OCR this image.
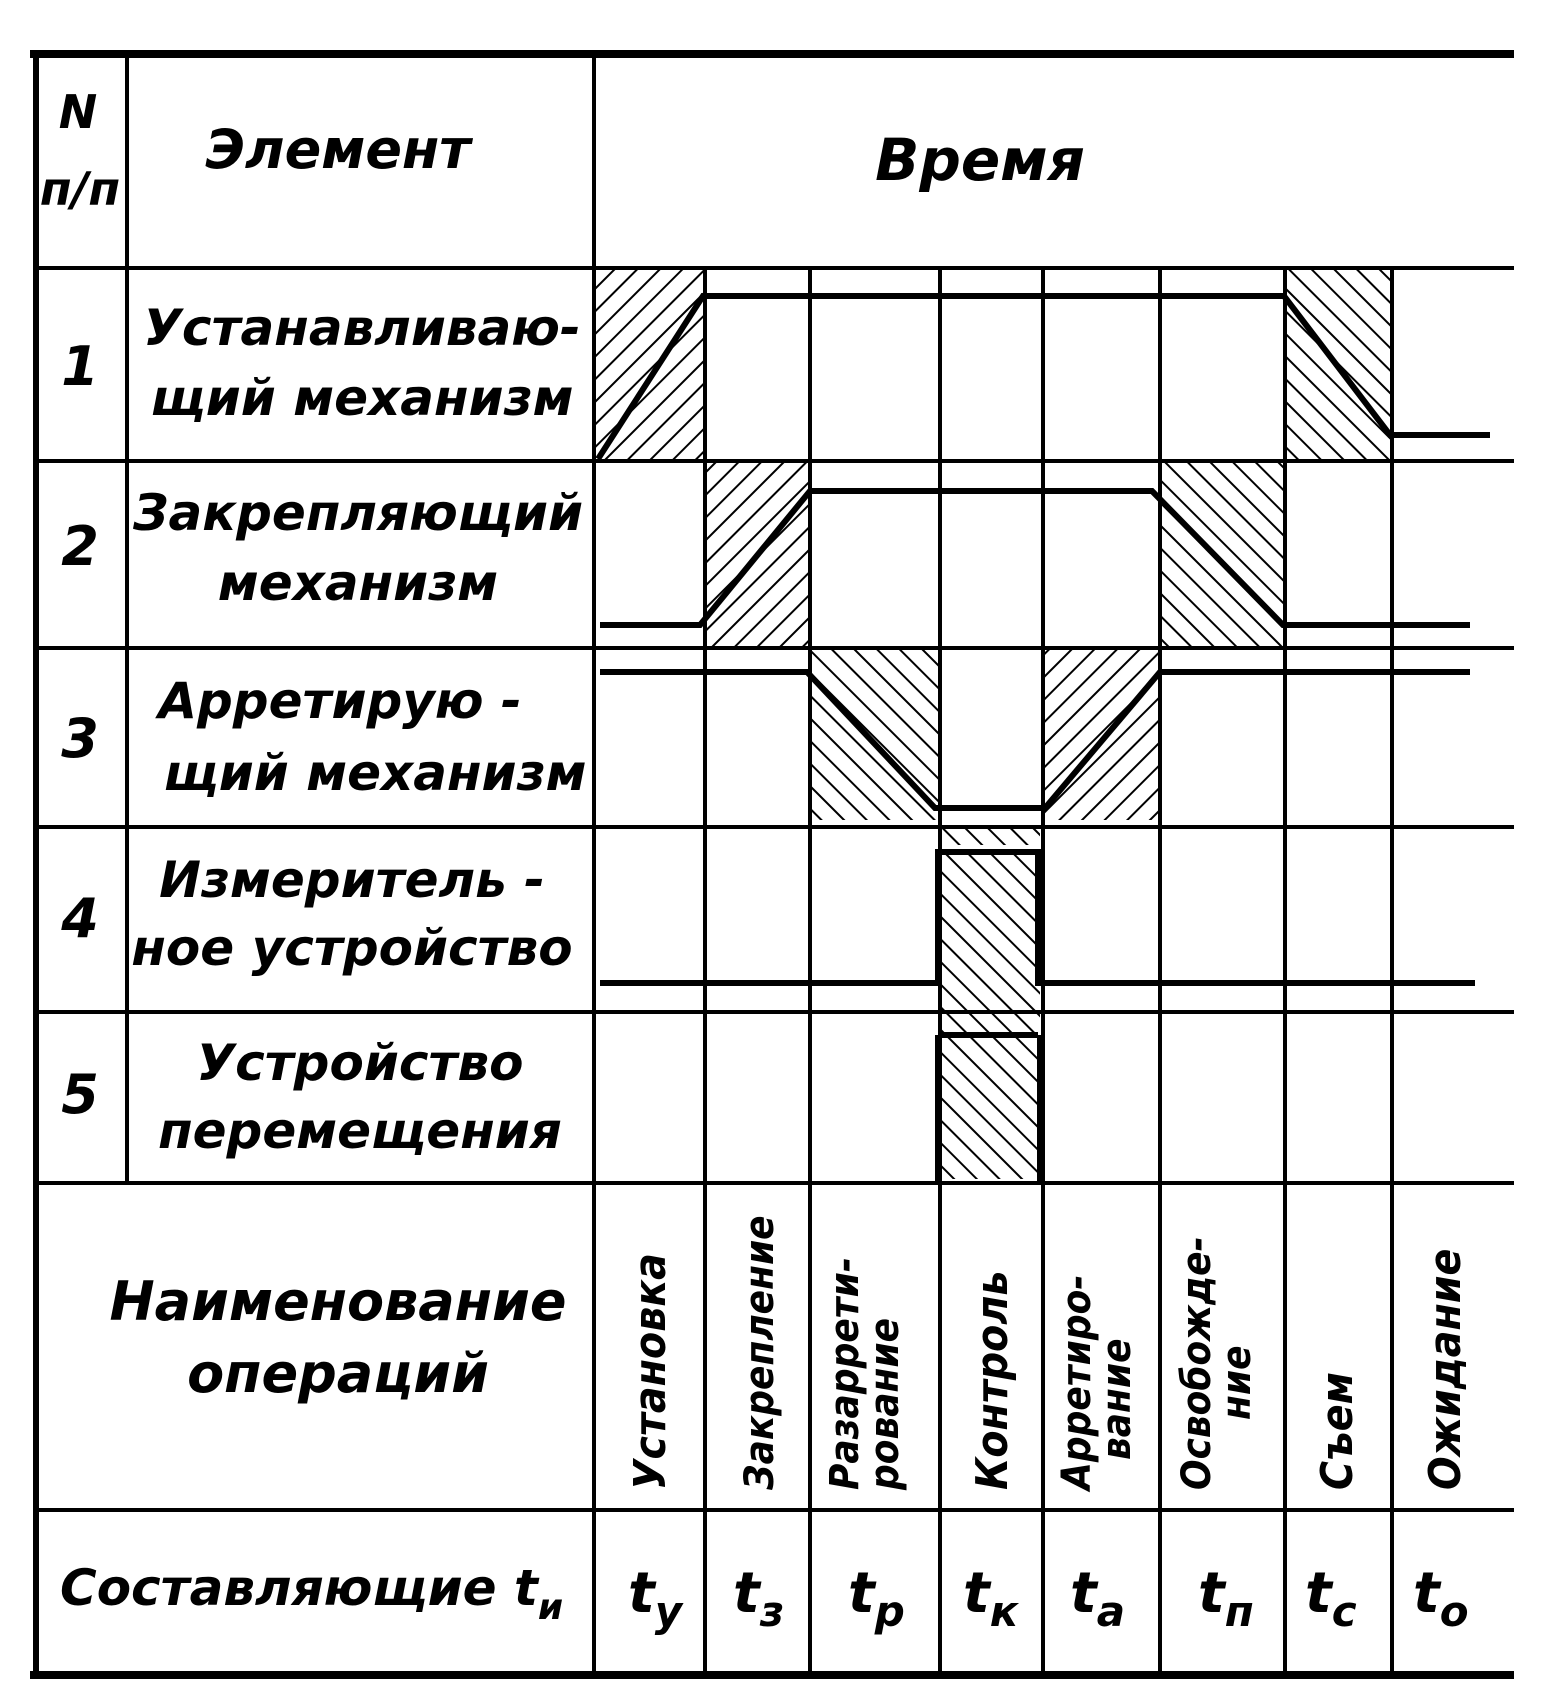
N
п/п
Элемент	Время
1
Устанавливаю-
щий механизм
2
Закрепляющий
механизм
3
Арретирую -
щий механизм
4
Измеритель -
ное устройство
5 Устройство
перемещения
Наименование
операций	Установка Закрепление Разаррети-
рование Контроль Арретиро-
вание Освобожде-
ние Съем Ожидание
Составляющие $t_и$ $t_у$ $t_з$ $t_р$ $t_к$ $t_а$ $t_п$ $t_с$ $t_о$
